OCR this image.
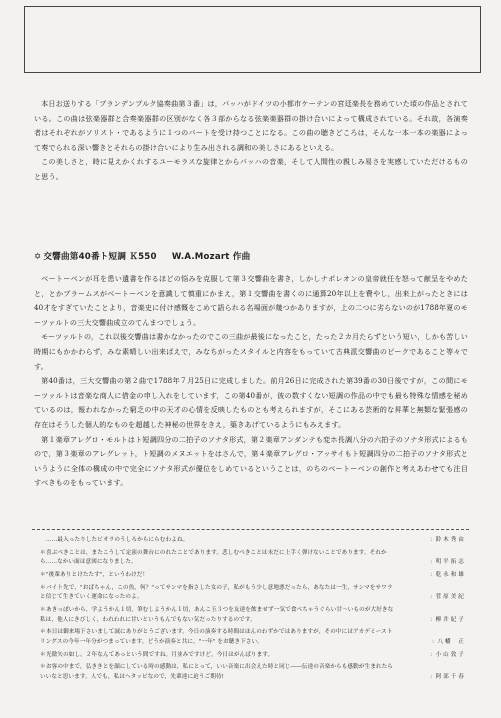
本日お送りする「ブランデンブルク協奏曲第３番」は，バッハがドイツの小都市ケーテンの宮廷楽長を務めていた頃の作品とされている。この曲は弦楽器群と合奏楽器群の区別がなく各３部からなる弦楽楽器群の掛け合いによって構成されている。それ故，各演奏者はそれぞれがソリスト・であるように１つのパートを受け持つことになる。この曲の聴きどころは，そんな一本一本の楽器によって奏でられる深い響きとそれらの掛け合いにより生み出される調和の美しさにあるといえる。

この美しさと，時に見えかくれするユーモラスな旋律とからバッハの音楽，そして人間性の親しみ易さを実感していただけるものと思う。

✡ 交響曲第40番ト短調 Ｋ550 W.A.Mozart 作曲

ベートーベンが耳を患い遺書を作るほどの悩みを克服して第３交響曲を書き，しかしナポレオンの皇帝就任を怒って献呈をやめたと，とかブラームスがベートーベンを意識して慎重にかまえ，第１交響曲を書くのに通算20年以上を費やし，出来上がったときには40才をすぎていたことより，音楽史に付け感慨をこめて語られる名場面が幾つかありますが，上の二つに劣らないのが1788年夏のモーツァルトの三大交響曲成立のてんまつでしょう。

モーツァルトの，これ以後交響曲は書かなかったのでこの三曲が最後になったこと，たった２カ月たらずという短い，しかも苦しい時期にもかかわらず，みな素晴しい出来ばえで，みなちがったスタイルと内容をもっていて古典派交響曲のピークであること等々です。

第40番は，三大交響曲の第２曲で1788年７月25日に完成しました。前月26日に完成された第39番の30日後ですが，この間にモーツァルトは音楽な商人に借金の申し入れをしています，この第40番が，彼の数すくない短調の作品の中でも最も特殊な情感を秘めているのは，報われなかった窮乏の中の天才の心情を反映したものとも考えられますが，そこにある芸術的な昇華と無類な緊張感の存在はそうした個人的なものを超越した神秘の世界をきえ，築きあげているようにもみえます。

第１楽章アレグロ・モルトはト短調四分の二拍子のソナタ形式，第２楽章アンダンテも変ホ長調八分の六拍子のソナタ形式によるもので，第３楽章のアレグレット，ト短調のメヌエットをはさんで，第４楽章アレグロ・アッサイもト短調四分の二拍子のソナタ形式というように全体の構成の中で完全にソナタ形式が優位をしめているということは，のちのベートーベンの創作と考えあわせても注目すべきものをもっています。

……最入ったりしたビオラのうしろからにらむわよね。	：鈴 木 秀 由
＊喜ぶべきことは，またこうして定演の舞台にのれたことであります。悲しむべきことは未だに上手く弾けないことであります。それから……なかい面は意図になりました。	：明 平 拓 志
＊"後輩ありとけたたす"，というわけだ！	：乾 永 和 雄
＊バイト先で，"おばちゃん，この魚，何？"ってサンマを指さした女の子，私がもう少し意地悪だったら，あなたは一生，サンマをサワラと信じて生きていく運命になったのよ。	：菅 原 美 紀
＊あきっぽいから，学ようかん１切，筆むしようかん１切，あんこ玉３つを友達を飲ませず一気で食べちゃうぐらい甘～いものが大好きな私は，他人にきびしく，われわれに甘いというもんでもない気だったりするのです。	：柳 井 紀 子
＊本日は御来場下さいまして誠にありがとうございます。今日の演奏する時間はほんのわずかではありますが，その中にはアカデミーストリングスの今年一年分がつまっています。どうか演奏と共に，"一年" をお聴き下さい。	：八 幡 　正
＊光陰矢の如し。２年なんてあっという間ですね。月並みですけど，今日はがんばります。	：小 山 敦 子
＊お客の中まで，弘ききとを顔にしている時の感動は，私にとって，いい音楽に出会えた時と同じ――伝達の音楽からも感動が生まれたらいいなと思います。人でも，私はヘタッピなので，先輩達に迫うご期待!	：阿 部 千 春
